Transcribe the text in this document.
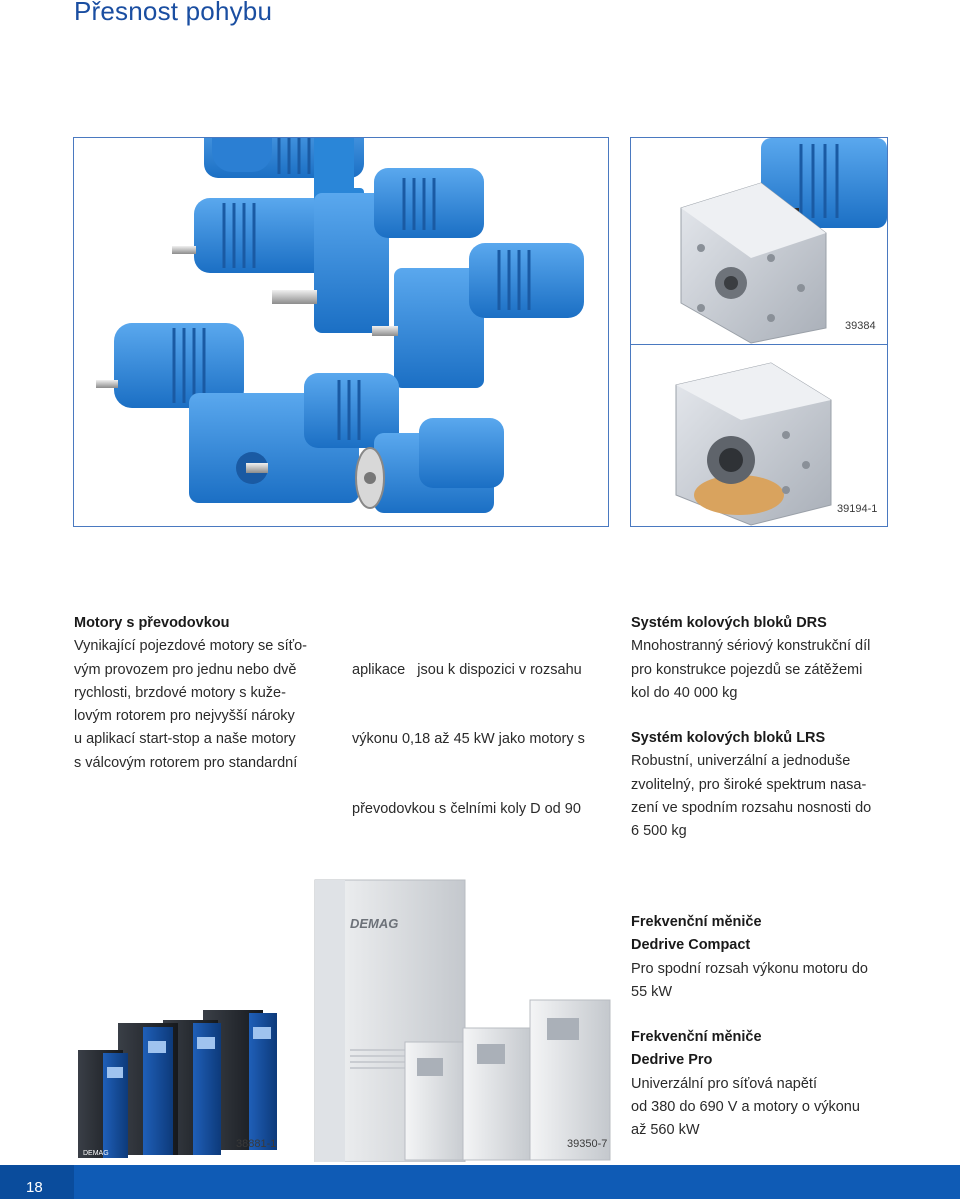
Přesnost pohybu
39384
39194-1

Motory s převodovkou

Vynikající pojezdové motory se síťo-

vým provozem pro jednu nebo dvě

rychlosti, brzdové motory s kuže-

lovým rotorem pro nejvyšší nároky

u aplikací start-stop a naše motory

s válcovým rotorem pro standardní

aplikace   jsou k dispozici v rozsahu

výkonu 0,18 až 45 kW jako motory s

převodovkou s čelními koly D od 90

Systém kolových bloků DRS

Mnohostranný sériový konstrukční díl

pro konstrukce pojezdů se zátěžemi

kol do 40 000 kg

Systém kolových bloků LRS

Robustní, univerzální a jednoduše

zvolitelný, pro široké spektrum nasa-

zení ve spodním rozsahu nosnosti do

6 500 kg

DEMAG
38881-1
DEMAG
39350-7

Frekvenční měniče

Dedrive Compact

Pro spodní rozsah výkonu motoru do

55 kW

Frekvenční měniče

Dedrive Pro

Univerzální pro síťová napětí

od 380 do 690 V a motory o výkonu

až 560 kW

18
